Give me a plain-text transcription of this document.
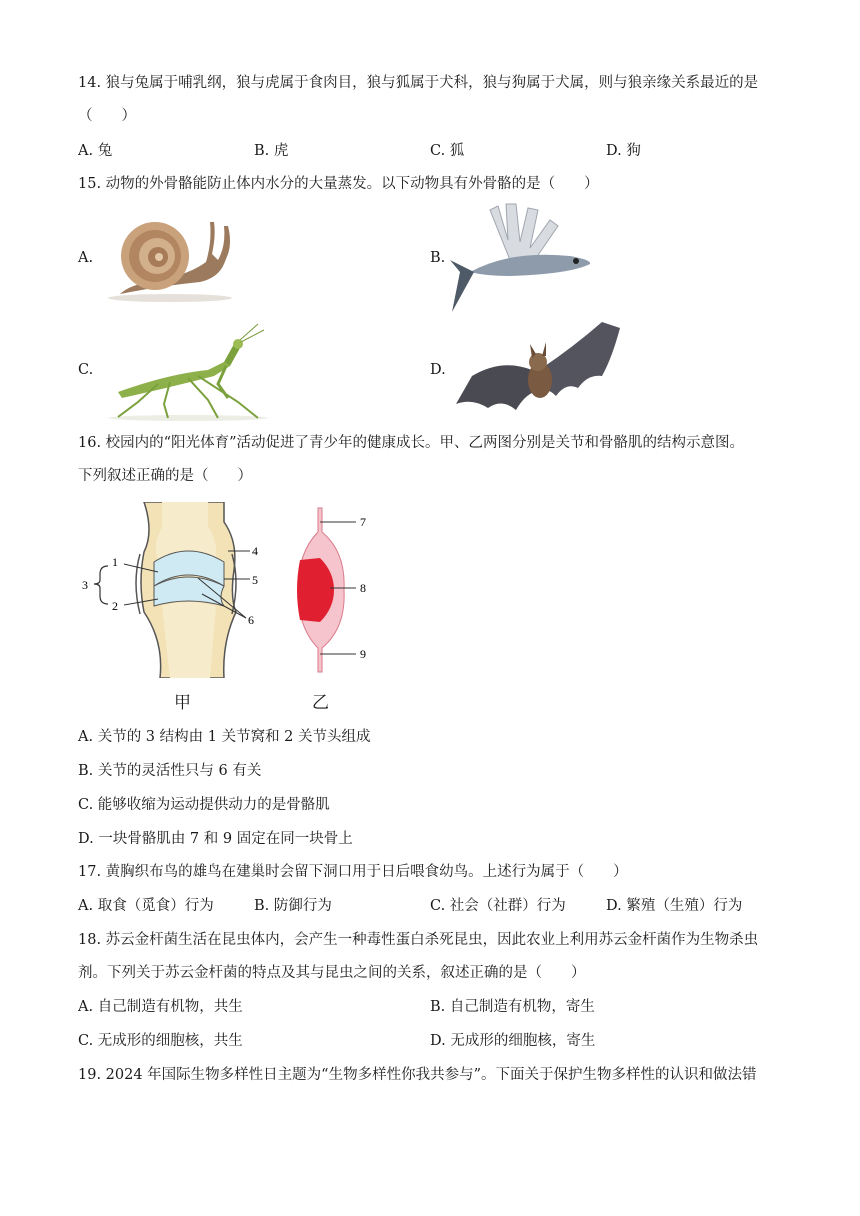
14. 狼与兔属于哺乳纲，狼与虎属于食肉目，狼与狐属于犬科，狼与狗属于犬属，则与狼亲缘关系最近的是
（　　）
A. 兔	B. 虎	C. 狐	D. 狗
15. 动物的外骨骼能防止体内水分的大量蒸发。以下动物具有外骨骼的是（　　）
A.	B.
C.	D.
16. 校园内的“阳光体育”活动促进了青少年的健康成长。甲、乙两图分别是关节和骨骼肌的结构示意图。
下列叙述正确的是（　　）
1
2
3
4
5
6
7
8
9
甲	乙
A. 关节的 3 结构由 1 关节窝和 2 关节头组成
B. 关节的灵活性只与 6 有关
C. 能够收缩为运动提供动力的是骨骼肌
D. 一块骨骼肌由 7 和 9 固定在同一块骨上
17. 黄胸织布鸟的雄鸟在建巢时会留下洞口用于日后喂食幼鸟。上述行为属于（　　）
A. 取食（觅食）行为	B. 防御行为	C. 社会（社群）行为	D. 繁殖（生殖）行为
18. 苏云金杆菌生活在昆虫体内，会产生一种毒性蛋白杀死昆虫，因此农业上利用苏云金杆菌作为生物杀虫
剂。下列关于苏云金杆菌的特点及其与昆虫之间的关系，叙述正确的是（　　）
A. 自己制造有机物，共生	B. 自己制造有机物，寄生
C. 无成形的细胞核，共生	D. 无成形的细胞核，寄生
19. 2024 年国际生物多样性日主题为“生物多样性你我共参与”。下面关于保护生物多样性的认识和做法错
